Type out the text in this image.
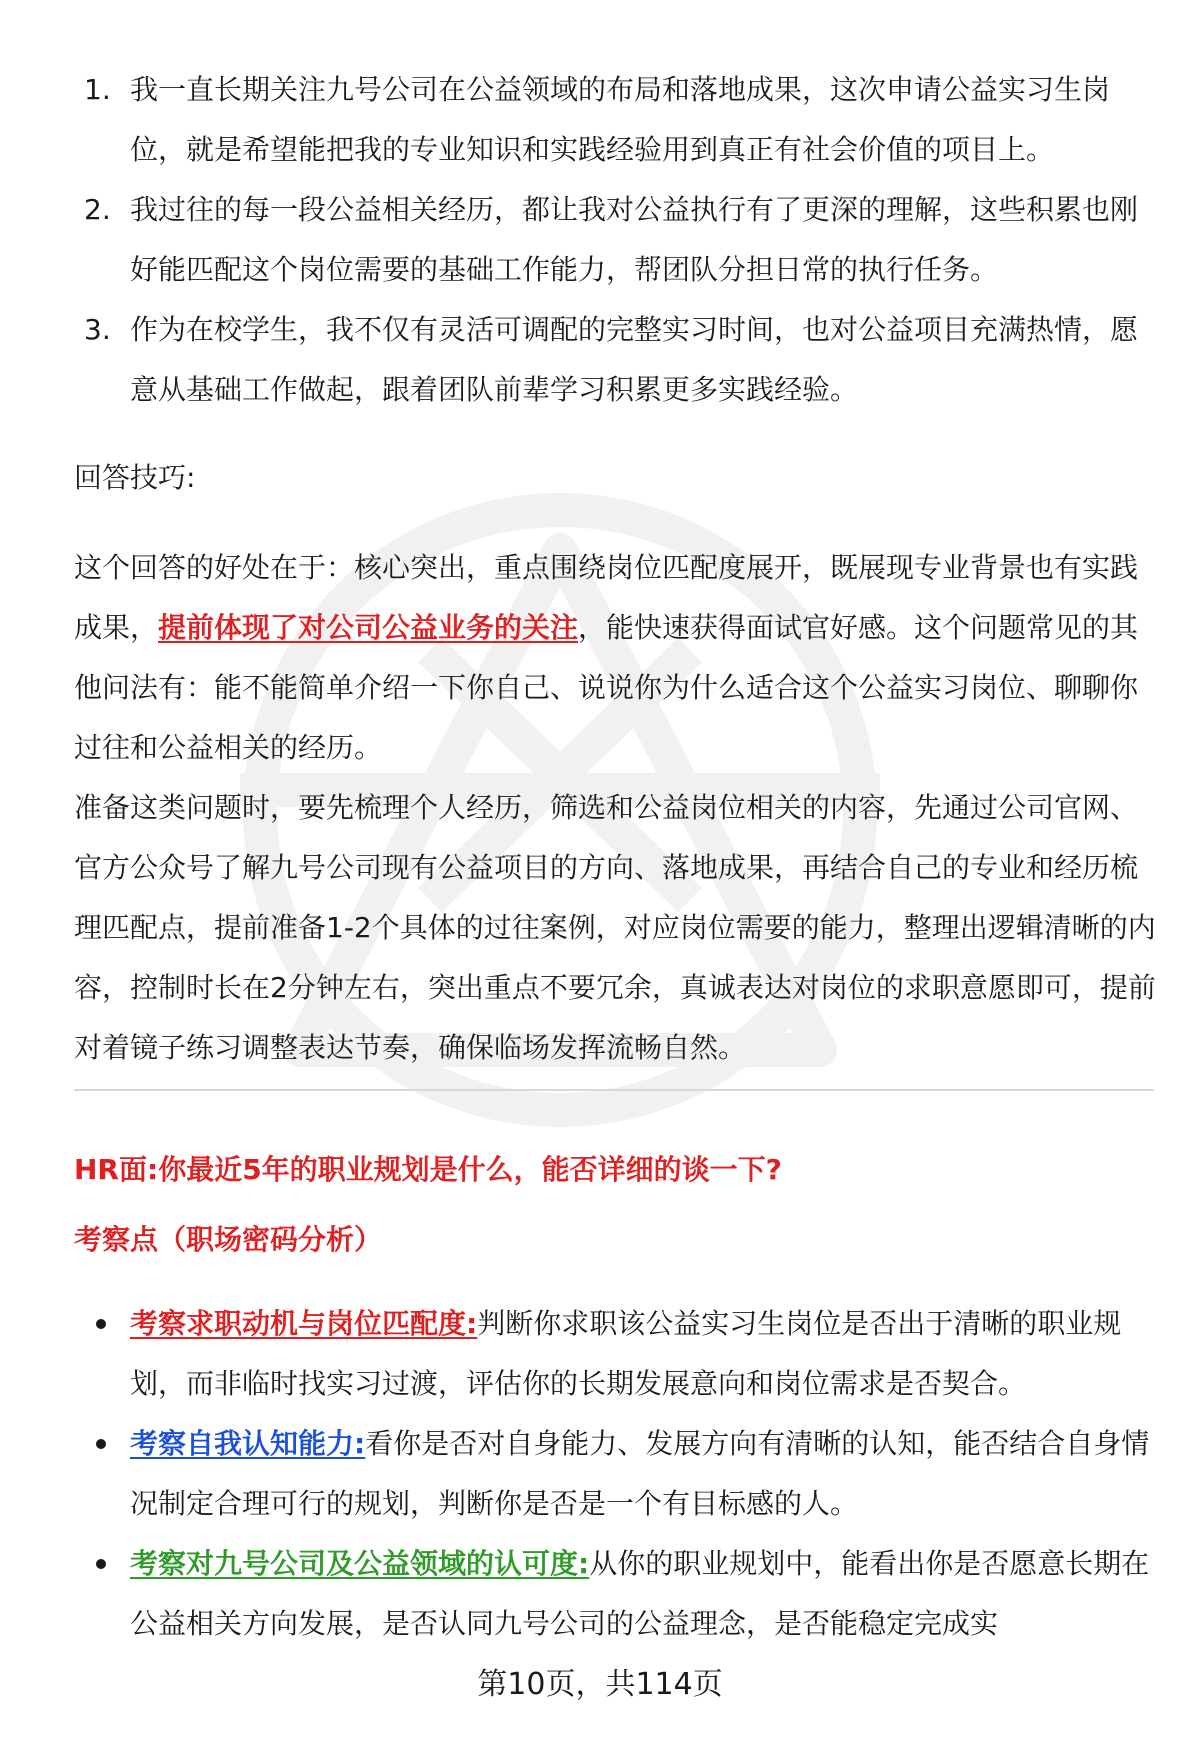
1. 我一直长期关注九号公司在公益领域的布局和落地成果，这次申请公益实习生岗位，就是希望能把我的专业知识和实践经验用到真正有社会价值的项目上。
2. 我过往的每一段公益相关经历，都让我对公益执行有了更深的理解，这些积累也刚好能匹配这个岗位需要的基础工作能力，帮团队分担日常的执行任务。
3. 作为在校学生，我不仅有灵活可调配的完整实习时间，也对公益项目充满热情，愿意从基础工作做起，跟着团队前辈学习积累更多实践经验。
回答技巧:

这个回答的好处在于：核心突出，重点围绕岗位匹配度展开，既展现专业背景也有实践成果，提前体现了对公司公益业务的关注，能快速获得面试官好感。这个问题常见的其他问法有：能不能简单介绍一下你自己、说说你为什么适合这个公益实习岗位、聊聊你过往和公益相关的经历。

准备这类问题时，要先梳理个人经历，筛选和公益岗位相关的内容，先通过公司官网、官方公众号了解九号公司现有公益项目的方向、落地成果，再结合自己的专业和经历梳理匹配点，提前准备1-2个具体的过往案例，对应岗位需要的能力，整理出逻辑清晰的内容，控制时长在2分钟左右，突出重点不要冗余，真诚表达对岗位的求职意愿即可，提前对着镜子练习调整表达节奏，确保临场发挥流畅自然。

HR面:你最近5年的职业规划是什么，能否详细的谈一下?
考察点（职场密码分析）
考察求职动机与岗位匹配度:判断你求职该公益实习生岗位是否出于清晰的职业规划，而非临时找实习过渡，评估你的长期发展意向和岗位需求是否契合。
考察自我认知能力:看你是否对自身能力、发展方向有清晰的认知，能否结合自身情况制定合理可行的规划，判断你是否是一个有目标感的人。
考察对九号公司及公益领域的认可度:从你的职业规划中，能看出你是否愿意长期在公益相关方向发展，是否认同九号公司的公益理念，是否能稳定完成实
第10页，共114页
